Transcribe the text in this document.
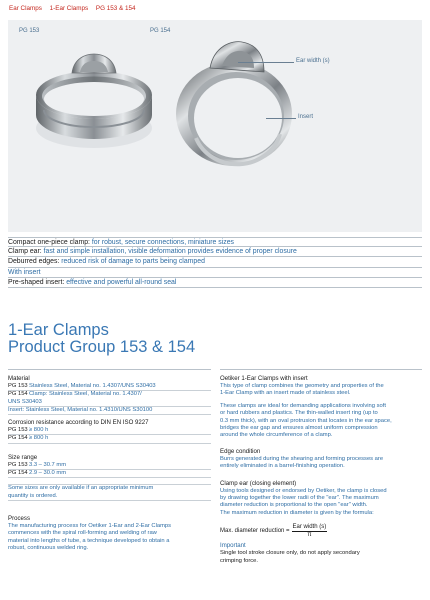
Ear Clamps 1-Ear Clamps PG 153 & 154
PG 153	PG 154
Ear width (s)
Insert
Compact one-piece clamp: for robust, secure connections, miniature sizes
Clamp ear: fast and simple installation, visible deformation provides evidence of proper closure
Deburred edges: reduced risk of damage to parts being clamped
With insert
Pre-shaped insert: effective and powerful all-round seal
1-Ear Clamps
Product Group 153 & 154
Material
PG 153Stainless Steel, Material no. 1.4307/UNS S30403
PG 154Clamp: Stainless Steel, Material no. 1.4307/
UNS S30403
Insert: Stainless Steel, Material no. 1.4310/UNS S30100
Corrosion resistance according to DIN EN ISO 9227
PG 153≥ 800 h
PG 154≥ 800 h
Size range
PG 1533.3 – 30.7 mm
PG 1542.9 – 30.0 mm
Some sizes are only available if an appropriate minimum
quantity is ordered.
Process
The manufacturing process for Oetiker 1-Ear and 2-Ear Clamps
commences with the spiral roll-forming and welding of raw
material into lengths of tube, a technique developed to obtain a
robust, continuous welded ring.
Oetiker 1-Ear Clamps with insert
This type of clamp combines the geometry and properties of the
1-Ear Clamp with an insert made of stainless steel.
These clamps are ideal for demanding applications involving soft
or hard rubbers and plastics. The thin-walled insert ring (up to
0.3 mm thick), with an oval protrusion that locates in the ear space,
bridges the ear gap and ensures almost uniform compression
around the whole circumference of a clamp.
Edge condition
Burrs generated during the shearing and forming processes are
entirely eliminated in a barrel-finishing operation.
Clamp ear (closing element)
Using tools designed or endorsed by Oetiker, the clamp is closed
by drawing together the lower radii of the "ear". The maximum
diameter reduction is proportional to the open "ear" width.
The maximum reduction in diameter is given by the formula:
Max. diameter reduction = $\frac{\text{Ear width (s)}}{\pi}$
Important
Single tool stroke closure only, do not apply secondary
crimping force.
